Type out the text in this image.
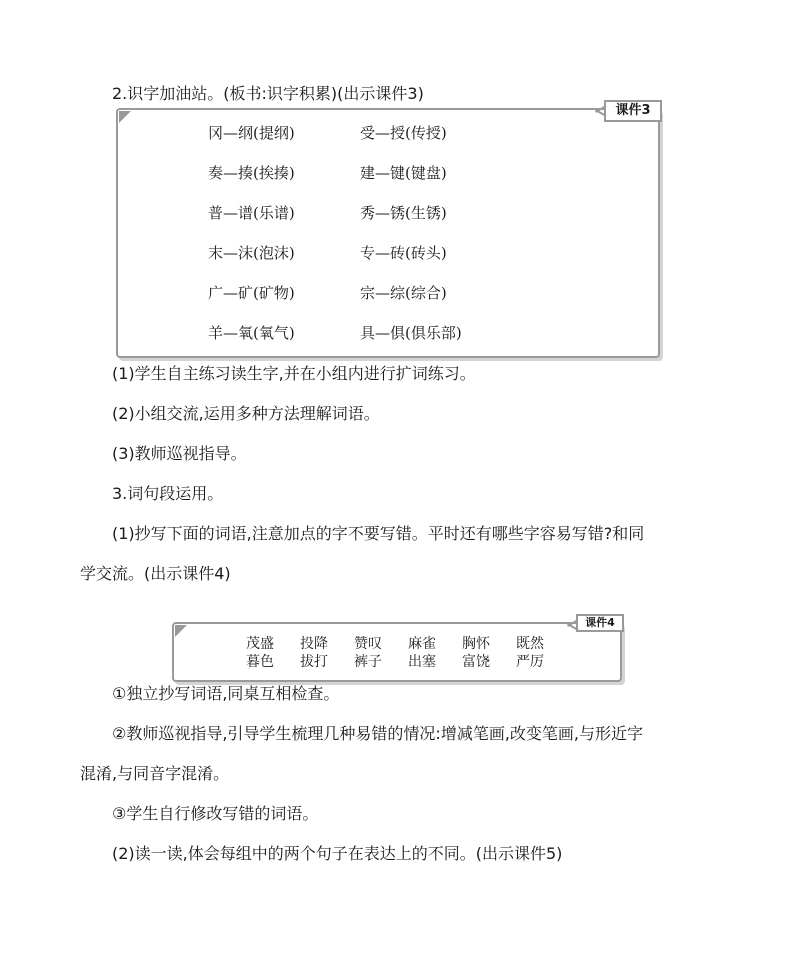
2.识字加油站。(板书:识字积累)(出示课件3)
课件3
冈—纲(提纲)	受—授(传授)
奏—揍(挨揍)	建—键(键盘)
普—谱(乐谱)	秀—锈(生锈)
末—沫(泡沫)	专—砖(砖头)
广—矿(矿物)	宗—综(综合)
羊—氧(氧气)	具—俱(俱乐部)
(1)学生自主练习读生字,并在小组内进行扩词练习。
(2)小组交流,运用多种方法理解词语。
(3)教师巡视指导。
3.词句段运用。
(1)抄写下面的词语,注意加点的字不要写错。平时还有哪些字容易写错?和同
学交流。(出示课件4)
课件4
茂盛 投降 赞叹 麻雀 胸怀 既然
暮色 拔打 裤子 出塞 富饶 严厉
①独立抄写词语,同桌互相检查。
②教师巡视指导,引导学生梳理几种易错的情况:增减笔画,改变笔画,与形近字
混淆,与同音字混淆。
③学生自行修改写错的词语。
(2)读一读,体会每组中的两个句子在表达上的不同。(出示课件5)
